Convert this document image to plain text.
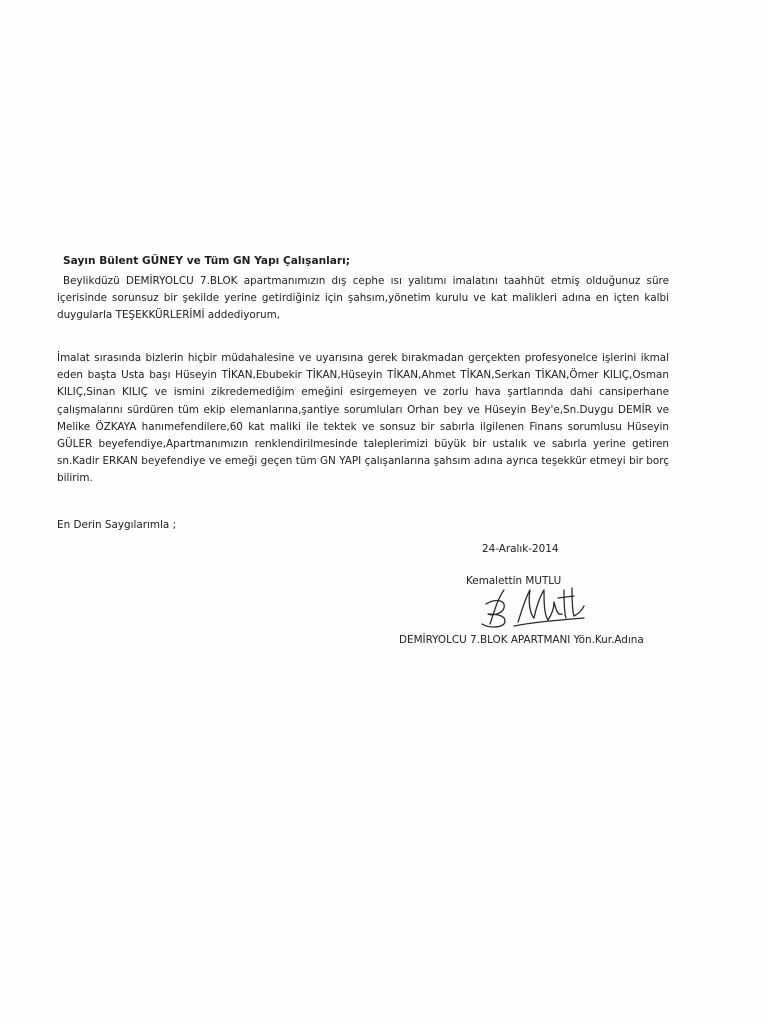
Sayın Bülent GÜNEY ve Tüm GN Yapı Çalışanları;

Beylikdüzü DEMİRYOLCU 7.BLOK apartmanımızın dış cephe ısı yalıtımı imalatını taahhüt etmiş olduğunuz süre içerisinde sorunsuz bir şekilde yerine getirdiğiniz için şahsım,yönetim kurulu ve kat malikleri adına en içten kalbi duygularla TEŞEKKÜRLERİMİ addediyorum,

İmalat sırasında bizlerin hiçbir müdahalesine ve uyarısına gerek bırakmadan gerçekten profesyonelce işlerini ikmal eden başta Usta başı Hüseyin TİKAN,Ebubekir TİKAN,Hüseyin TİKAN,Ahmet TİKAN,Serkan TİKAN,Ömer KILIÇ,Osman KILIÇ,Sinan KILIÇ ve ismini zikredemediğim emeğini esirgemeyen ve zorlu hava şartlarında dahi cansiperhane çalışmalarını sürdüren tüm ekip elemanlarına,şantiye sorumluları Orhan bey ve Hüseyin Bey'e,Sn.Duygu DEMİR ve Melike ÖZKAYA hanımefendilere,60 kat maliki ile tektek ve sonsuz bir sabırla ilgilenen Finans sorumlusu Hüseyin GÜLER beyefendiye,Apartmanımızın renklendirilmesinde taleplerimizi büyük bir ustalık ve sabırla yerine getiren sn.Kadir ERKAN beyefendiye ve emeği geçen tüm GN YAPI çalışanlarına şahsım adına ayrıca teşekkür etmeyi bir borç bilirim.

En Derin Saygılarımla ;
24-Aralık-2014
Kemalettin MUTLU
DEMİRYOLCU 7.BLOK APARTMANI Yön.Kur.Adına
